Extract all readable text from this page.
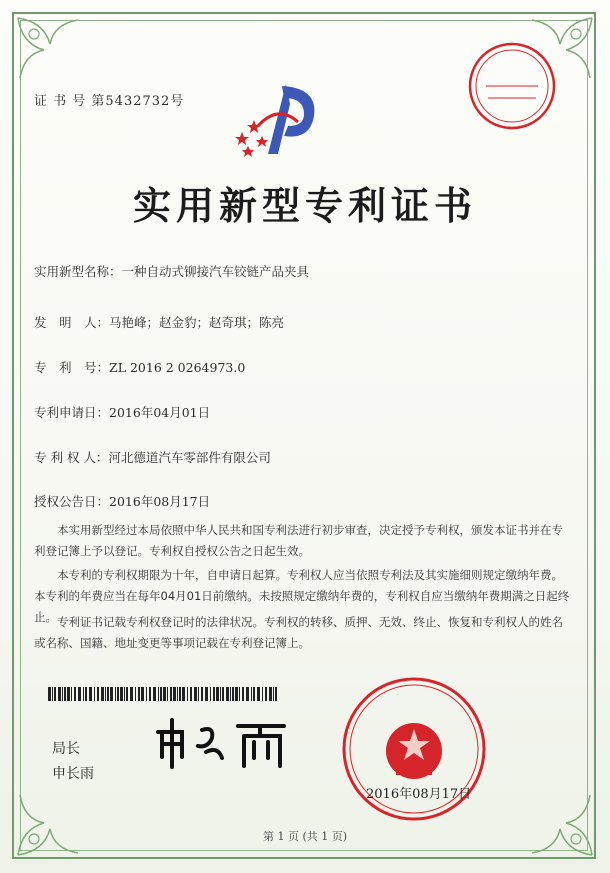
证 书 号 第5432732号
实用新型专利证书
实用新型名称：一种自动式铆接汽车铰链产品夹具
发　明　人：马艳峰；赵金豹；赵奇琪；陈亮
专　利　号：ZL 2016 2 0264973.0
专利申请日：2016年04月01日
专 利 权 人：河北德道汽车零部件有限公司
授权公告日：2016年08月17日
本实用新型经过本局依照中华人民共和国专利法进行初步审查，决定授予专利权，颁发本证书并在专利登记簿上予以登记。专利权自授权公告之日起生效。
本专利的专利权期限为十年，自申请日起算。专利权人应当依照专利法及其实施细则规定缴纳年费。本专利的年费应当在每年04月01日前缴纳。未按照规定缴纳年费的，专利权自应当缴纳年费期满之日起终止。 专利证书记载专利权登记时的法律状况。专利权的转移、质押、无效、终止、恢复和专利权人的姓名或名称、国籍、地址变更等事项记载在专利登记簿上。
局长
申长雨
2016年08月17日
第 1 页 (共 1 页)
